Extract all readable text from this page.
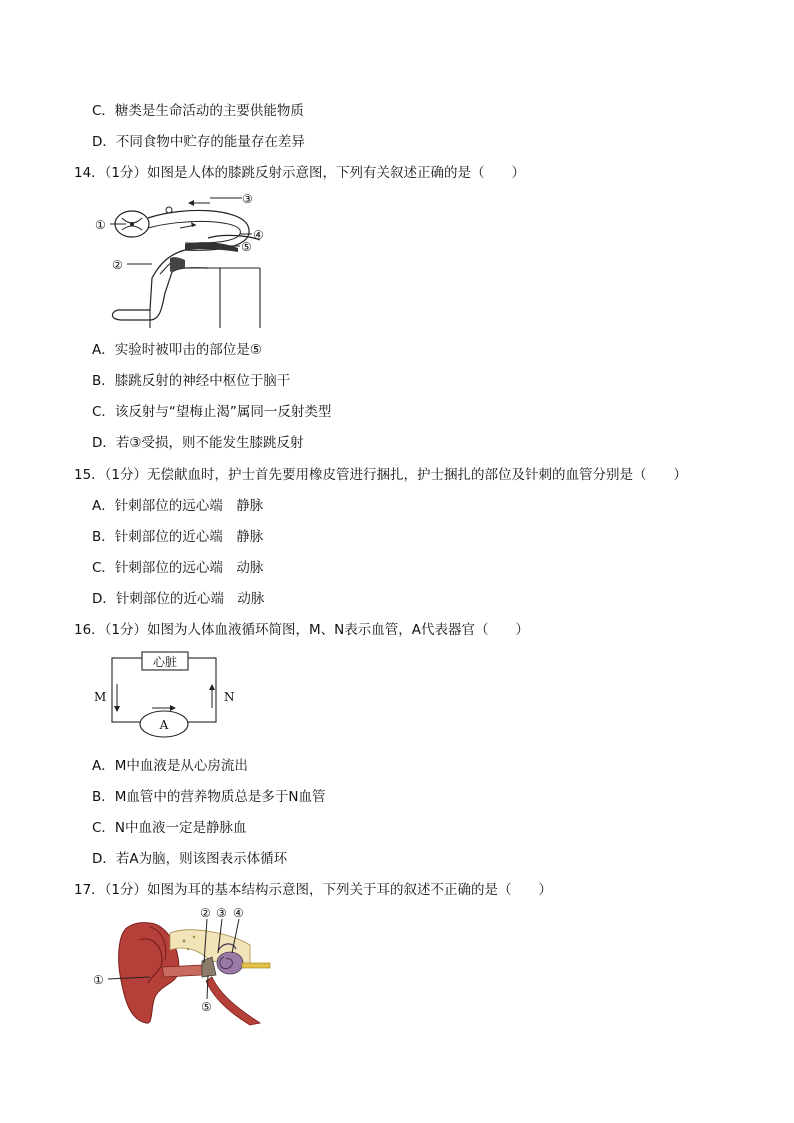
C．糖类是生命活动的主要供能物质
D．不同食物中贮存的能量存在差异
14．（1分）如图是人体的膝跳反射示意图，下列有关叙述正确的是（　　）
①
②
③
④
⑤
A．实验时被叩击的部位是⑤
B．膝跳反射的神经中枢位于脑干
C．该反射与“望梅止渴”属同一反射类型
D．若③受损，则不能发生膝跳反射
15．（1分）无偿献血时，护士首先要用橡皮管进行捆扎，护士捆扎的部位及针刺的血管分别是（　　）
A．针刺部位的远心端　静脉
B．针刺部位的近心端　静脉
C．针刺部位的远心端　动脉
D．针刺部位的近心端　动脉
16．（1分）如图为人体血液循环简图，M、N表示血管，A代表器官（　　）
心脏
A
M	N
A．M中血液是从心房流出
B．M血管中的营养物质总是多于N血管
C．N中血液一定是静脉血
D．若A为脑，则该图表示体循环
17．（1分）如图为耳的基本结构示意图，下列关于耳的叙述不正确的是（　　）
①
② ③ ④
⑤
